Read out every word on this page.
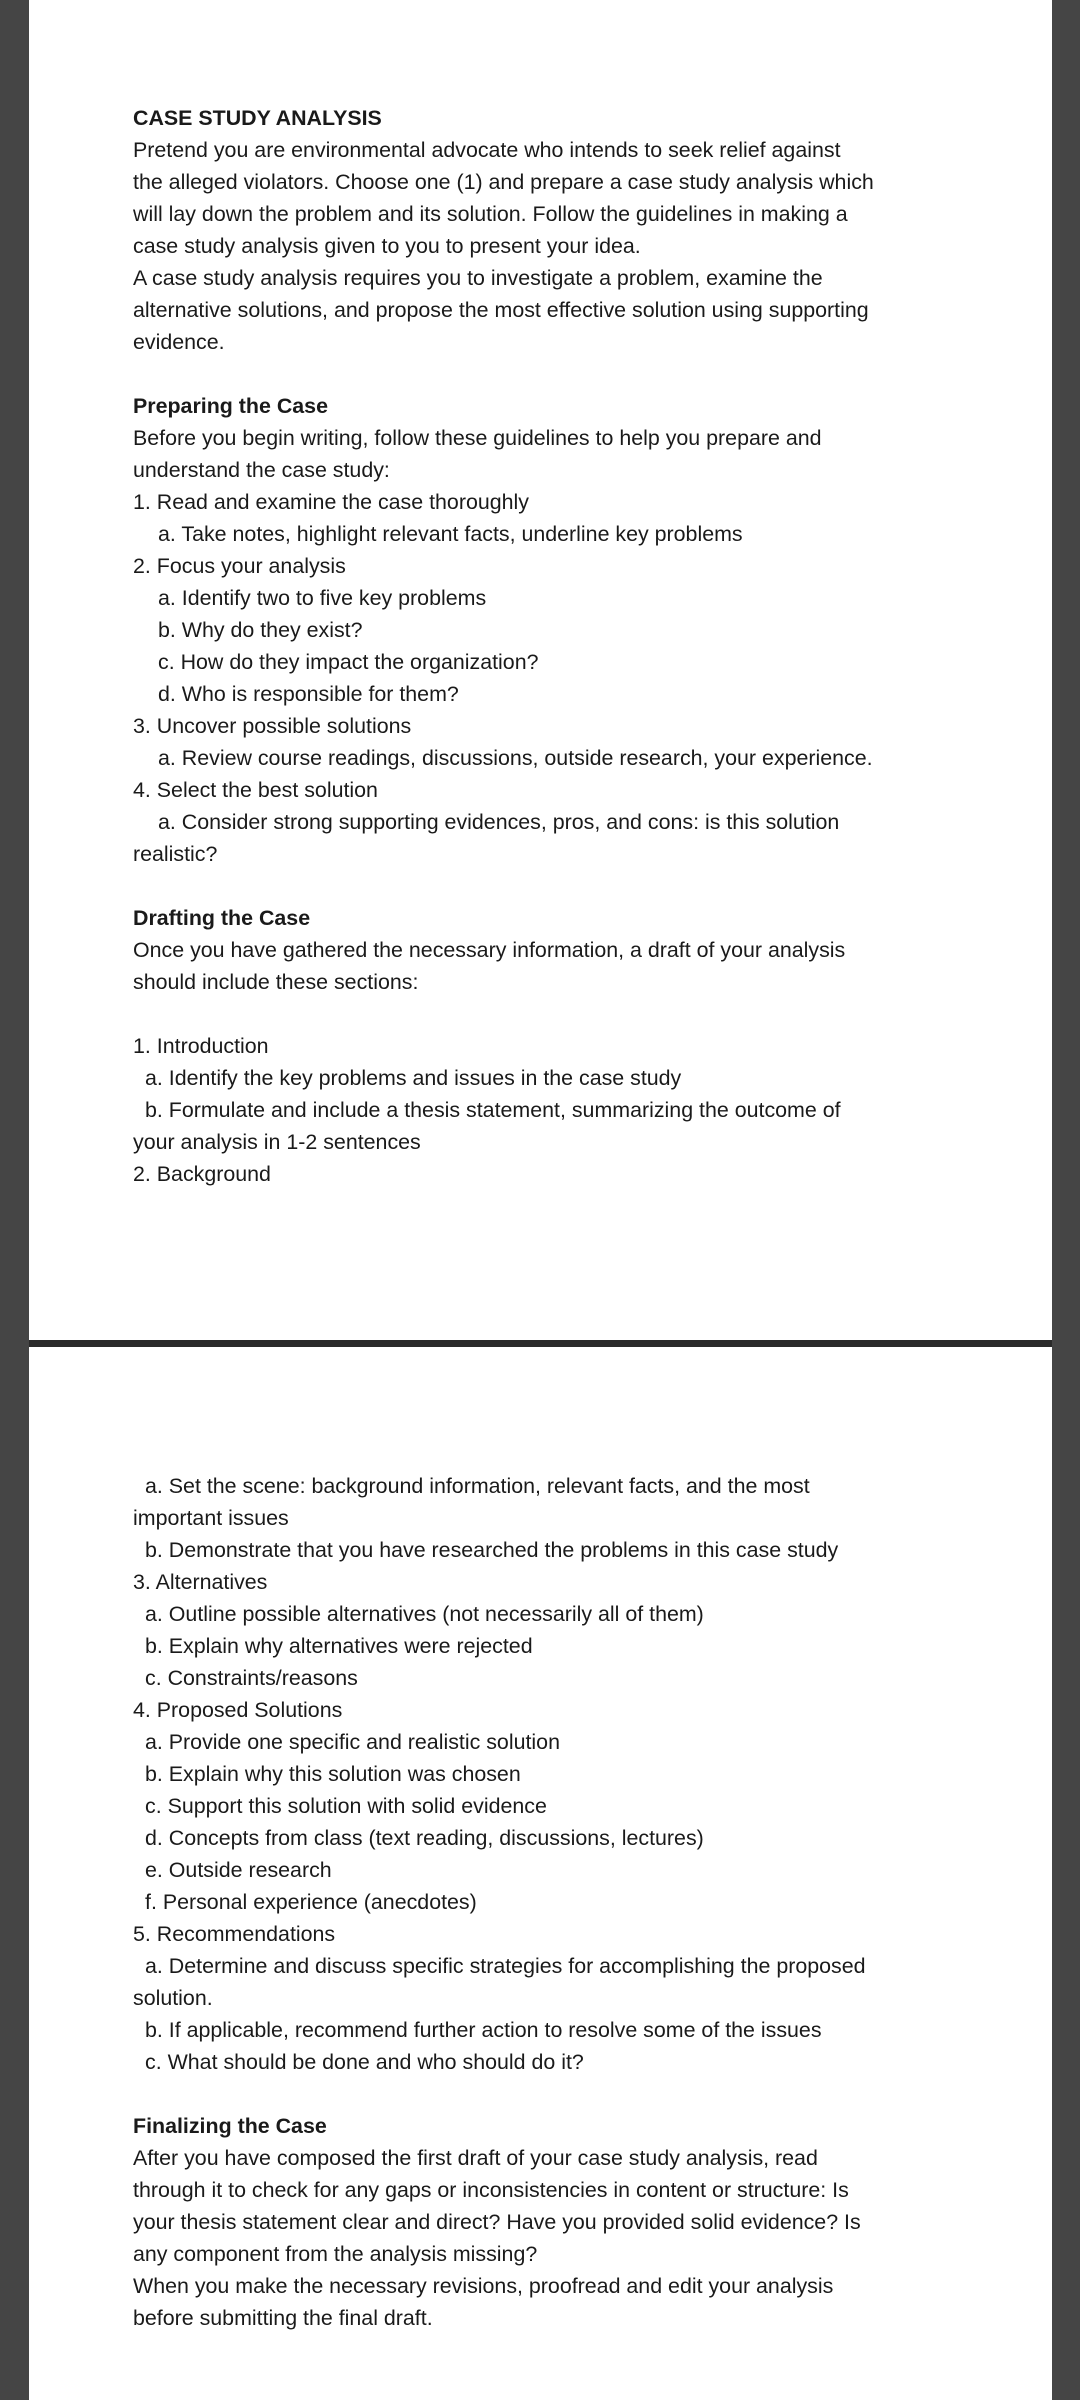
CASE STUDY ANALYSIS
Pretend you are environmental advocate who intends to seek relief against
the alleged violators. Choose one (1) and prepare a case study analysis which
will lay down the problem and its solution. Follow the guidelines in making a
case study analysis given to you to present your idea.
A case study analysis requires you to investigate a problem, examine the
alternative solutions, and propose the most effective solution using supporting
evidence.
Preparing the Case
Before you begin writing, follow these guidelines to help you prepare and
understand the case study:
1. Read and examine the case thoroughly
a. Take notes, highlight relevant facts, underline key problems
2. Focus your analysis
a. Identify two to five key problems
b. Why do they exist?
c. How do they impact the organization?
d. Who is responsible for them?
3. Uncover possible solutions
a. Review course readings, discussions, outside research, your experience.
4. Select the best solution
a. Consider strong supporting evidences, pros, and cons: is this solution
realistic?
Drafting the Case
Once you have gathered the necessary information, a draft of your analysis
should include these sections:
1. Introduction
a. Identify the key problems and issues in the case study
b. Formulate and include a thesis statement, summarizing the outcome of
your analysis in 1-2 sentences
2. Background
a. Set the scene: background information, relevant facts, and the most
important issues
b. Demonstrate that you have researched the problems in this case study
3. Alternatives
a. Outline possible alternatives (not necessarily all of them)
b. Explain why alternatives were rejected
c. Constraints/reasons
4. Proposed Solutions
a. Provide one specific and realistic solution
b. Explain why this solution was chosen
c. Support this solution with solid evidence
d. Concepts from class (text reading, discussions, lectures)
e. Outside research
f. Personal experience (anecdotes)
5. Recommendations
a. Determine and discuss specific strategies for accomplishing the proposed
solution.
b. If applicable, recommend further action to resolve some of the issues
c. What should be done and who should do it?
Finalizing the Case
After you have composed the first draft of your case study analysis, read
through it to check for any gaps or inconsistencies in content or structure: Is
your thesis statement clear and direct? Have you provided solid evidence? Is
any component from the analysis missing?
When you make the necessary revisions, proofread and edit your analysis
before submitting the final draft.
